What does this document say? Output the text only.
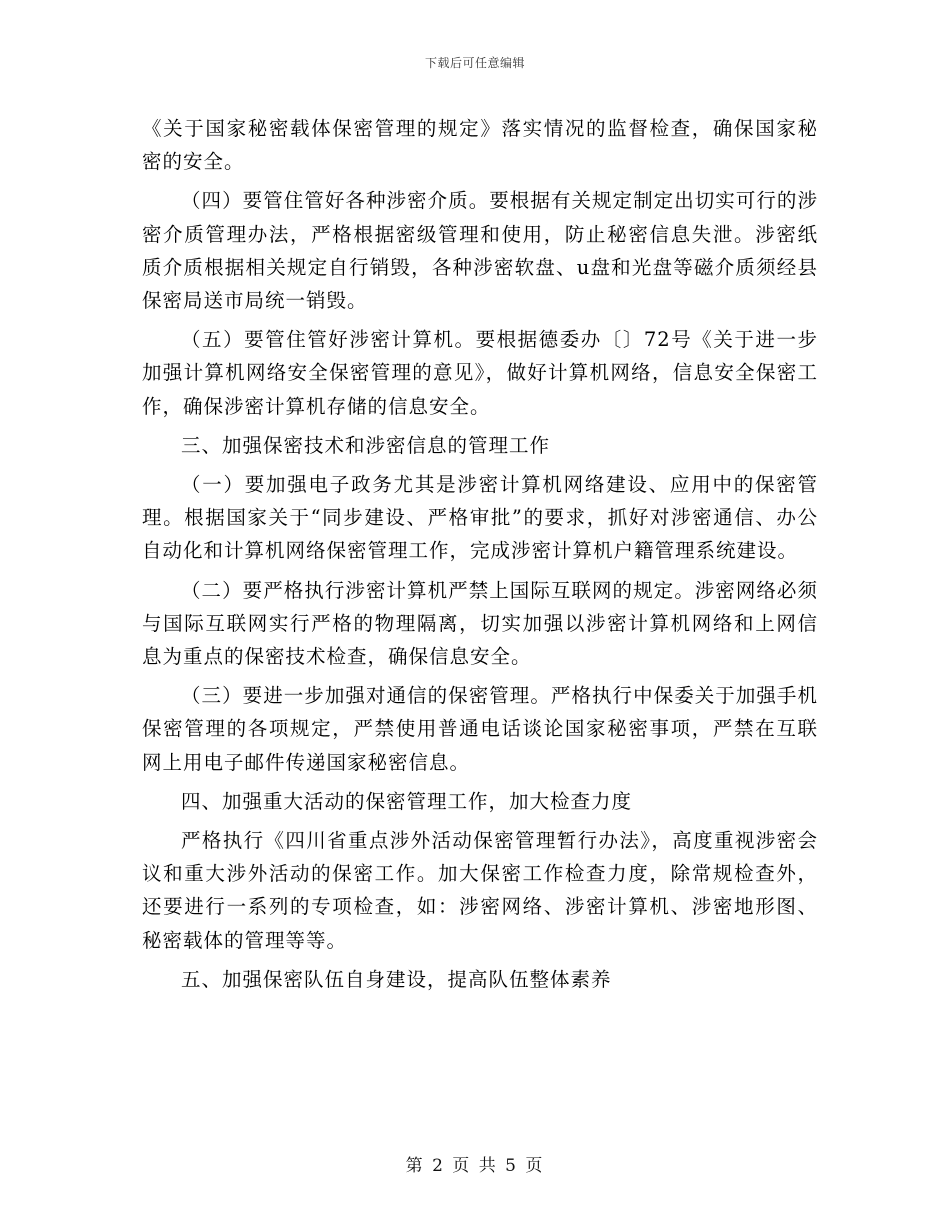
下载后可任意编辑

《关于国家秘密载体保密管理的规定》落实情况的监督检查，确保国家秘密的安全。

（四）要管住管好各种涉密介质。要根据有关规定制定出切实可行的涉密介质管理办法，严格根据密级管理和使用，防止秘密信息失泄。涉密纸质介质根据相关规定自行销毁，各种涉密软盘、u盘和光盘等磁介质须经县保密局送市局统一销毁。

（五）要管住管好涉密计算机。要根据德委办〔〕72号《关于进一步加强计算机网络安全保密管理的意见》，做好计算机网络，信息安全保密工作，确保涉密计算机存储的信息安全。

三、加强保密技术和涉密信息的管理工作

（一）要加强电子政务尤其是涉密计算机网络建设、应用中的保密管理。根据国家关于“同步建设、严格审批”的要求，抓好对涉密通信、办公自动化和计算机网络保密管理工作，完成涉密计算机户籍管理系统建设。

（二）要严格执行涉密计算机严禁上国际互联网的规定。涉密网络必须与国际互联网实行严格的物理隔离，切实加强以涉密计算机网络和上网信息为重点的保密技术检查，确保信息安全。

（三）要进一步加强对通信的保密管理。严格执行中保委关于加强手机保密管理的各项规定，严禁使用普通电话谈论国家秘密事项，严禁在互联网上用电子邮件传递国家秘密信息。

四、加强重大活动的保密管理工作，加大检查力度

严格执行《四川省重点涉外活动保密管理暂行办法》，高度重视涉密会议和重大涉外活动的保密工作。加大保密工作检查力度，除常规检查外，还要进行一系列的专项检查，如：涉密网络、涉密计算机、涉密地形图、秘密载体的管理等等。

五、加强保密队伍自身建设，提高队伍整体素养

第 2 页 共 5 页
